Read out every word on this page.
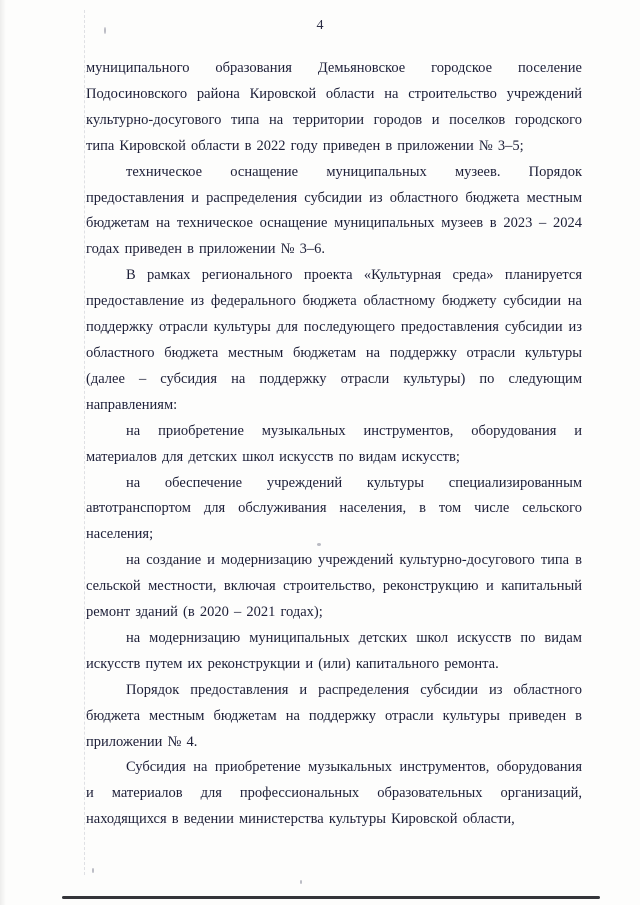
4

муниципального образования Демьяновское городское поселение Подосиновского района Кировской области на строительство учреждений культурно-досугового типа на территории городов и поселков городского типа Кировской области в 2022 году приведен в приложении № 3–5;

техническое оснащение муниципальных музеев. Порядок предоставления и распределения субсидии из областного бюджета местным бюджетам на техническое оснащение муниципальных музеев в 2023 – 2024 годах приведен в приложении № 3–6.

В рамках регионального проекта «Культурная среда» планируется предоставление из федерального бюджета областному бюджету субсидии на поддержку отрасли культуры для последующего предоставления субсидии из областного бюджета местным бюджетам на поддержку отрасли культуры (далее – субсидия на поддержку отрасли культуры) по следующим направлениям:

на приобретение музыкальных инструментов, оборудования и материалов для детских школ искусств по видам искусств;

на обеспечение учреждений культуры специализированным автотранспортом для обслуживания населения, в том числе сельского населения;

на создание и модернизацию учреждений культурно-досугового типа в сельской местности, включая строительство, реконструкцию и капитальный ремонт зданий (в 2020 – 2021 годах);

на модернизацию муниципальных детских школ искусств по видам искусств путем их реконструкции и (или) капитального ремонта.

Порядок предоставления и распределения субсидии из областного бюджета местным бюджетам на поддержку отрасли культуры приведен в приложении № 4.

Субсидия на приобретение музыкальных инструментов, оборудования и материалов для профессиональных образовательных организаций, находящихся в ведении министерства культуры Кировской области,
